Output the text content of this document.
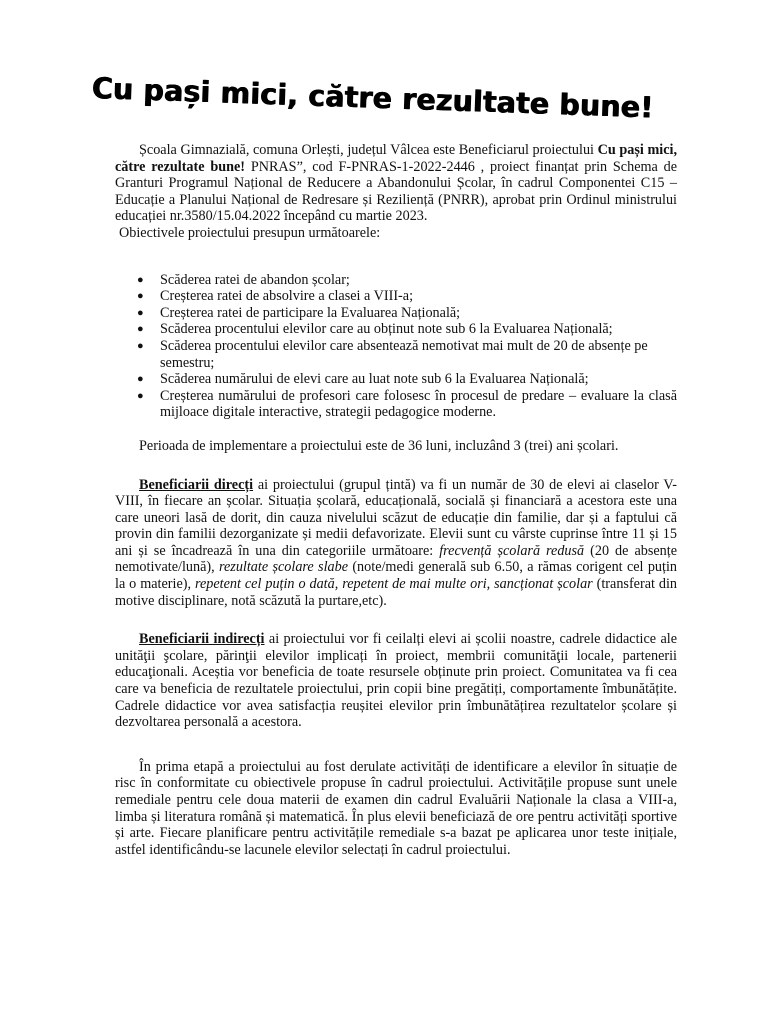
Cu pași mici, către rezultate bune!

Școala Gimnazială, comuna Orlești, județul Vâlcea este Beneficiarul proiectului Cu pași mici, către rezultate bune! PNRAS”, cod F-PNRAS-1-2022-2446 , proiect finanțat prin Schema de Granturi Programul Național de Reducere a Abandonului Școlar, în cadrul Componentei C15 – Educație a Planului Național de Redresare și Reziliență (PNRR), aprobat prin Ordinul ministrului educației nr.3580/15.04.2022 începând cu martie 2023.

Obiectivele proiectului presupun următoarele:

● Scăderea ratei de abandon școlar;
● Creșterea ratei de absolvire a clasei a VIII-a;
● Creșterea ratei de participare la Evaluarea Națională;
● Scăderea procentului elevilor care au obținut note sub 6 la Evaluarea Națională;
● Scăderea procentului elevilor care absentează nemotivat mai mult de 20 de absențe pe semestru;
● Scăderea numărului de elevi care au luat note sub 6 la Evaluarea Națională;
● Creșterea numărului de profesori care folosesc în procesul de predare – evaluare la clasă mijloace digitale interactive, strategii pedagogice moderne.

Perioada de implementare a proiectului este de 36 luni, incluzând 3 (trei) ani școlari.

Beneficiarii direcți ai proiectului (grupul țintă) va fi un număr de 30 de elevi ai claselor V-VIII, în fiecare an școlar. Situația școlară, educațională, socială și financiară a acestora este una care uneori lasă de dorit, din cauza nivelului scăzut de educație din familie, dar și a faptului că provin din familii dezorganizate și medii defavorizate. Elevii sunt cu vârste cuprinse între 11 și 15 ani și se încadrează în una din categoriile următoare: frecvență școlară redusă (20 de absențe nemotivate/lună), rezultate școlare slabe (note/medi generală sub 6.50, a rămas corigent cel puțin la o materie), repetent cel puțin o dată, repetent de mai multe ori, sancționat școlar (transferat din motive disciplinare, notă scăzută la purtare,etc).

Beneficiarii indirecți ai proiectului vor fi ceilalți elevi ai școlii noastre, cadrele didactice ale unităţii şcolare, părinţii elevilor implicați în proiect, membrii comunităţii locale, partenerii educaţionali. Aceștia vor beneficia de toate resursele obținute prin proiect. Comunitatea va fi cea care va beneficia de rezultatele proiectului, prin copii bine pregătiți, comportamente îmbunătățite. Cadrele didactice vor avea satisfacția reușitei elevilor prin îmbunătățirea rezultatelor școlare și dezvoltarea personală a acestora.

În prima etapă a proiectului au fost derulate activități de identificare a elevilor în situație de risc în conformitate cu obiectivele propuse în cadrul proiectului. Activitățile propuse sunt unele remediale pentru cele doua materii de examen din cadrul Evaluării Naționale la clasa a VIII-a, limba și literatura română și matematică. În plus elevii beneficiază de ore pentru activități sportive și arte. Fiecare planificare pentru activitățile remediale s-a bazat pe aplicarea unor teste inițiale, astfel identificându-se lacunele elevilor selectați în cadrul proiectului.
